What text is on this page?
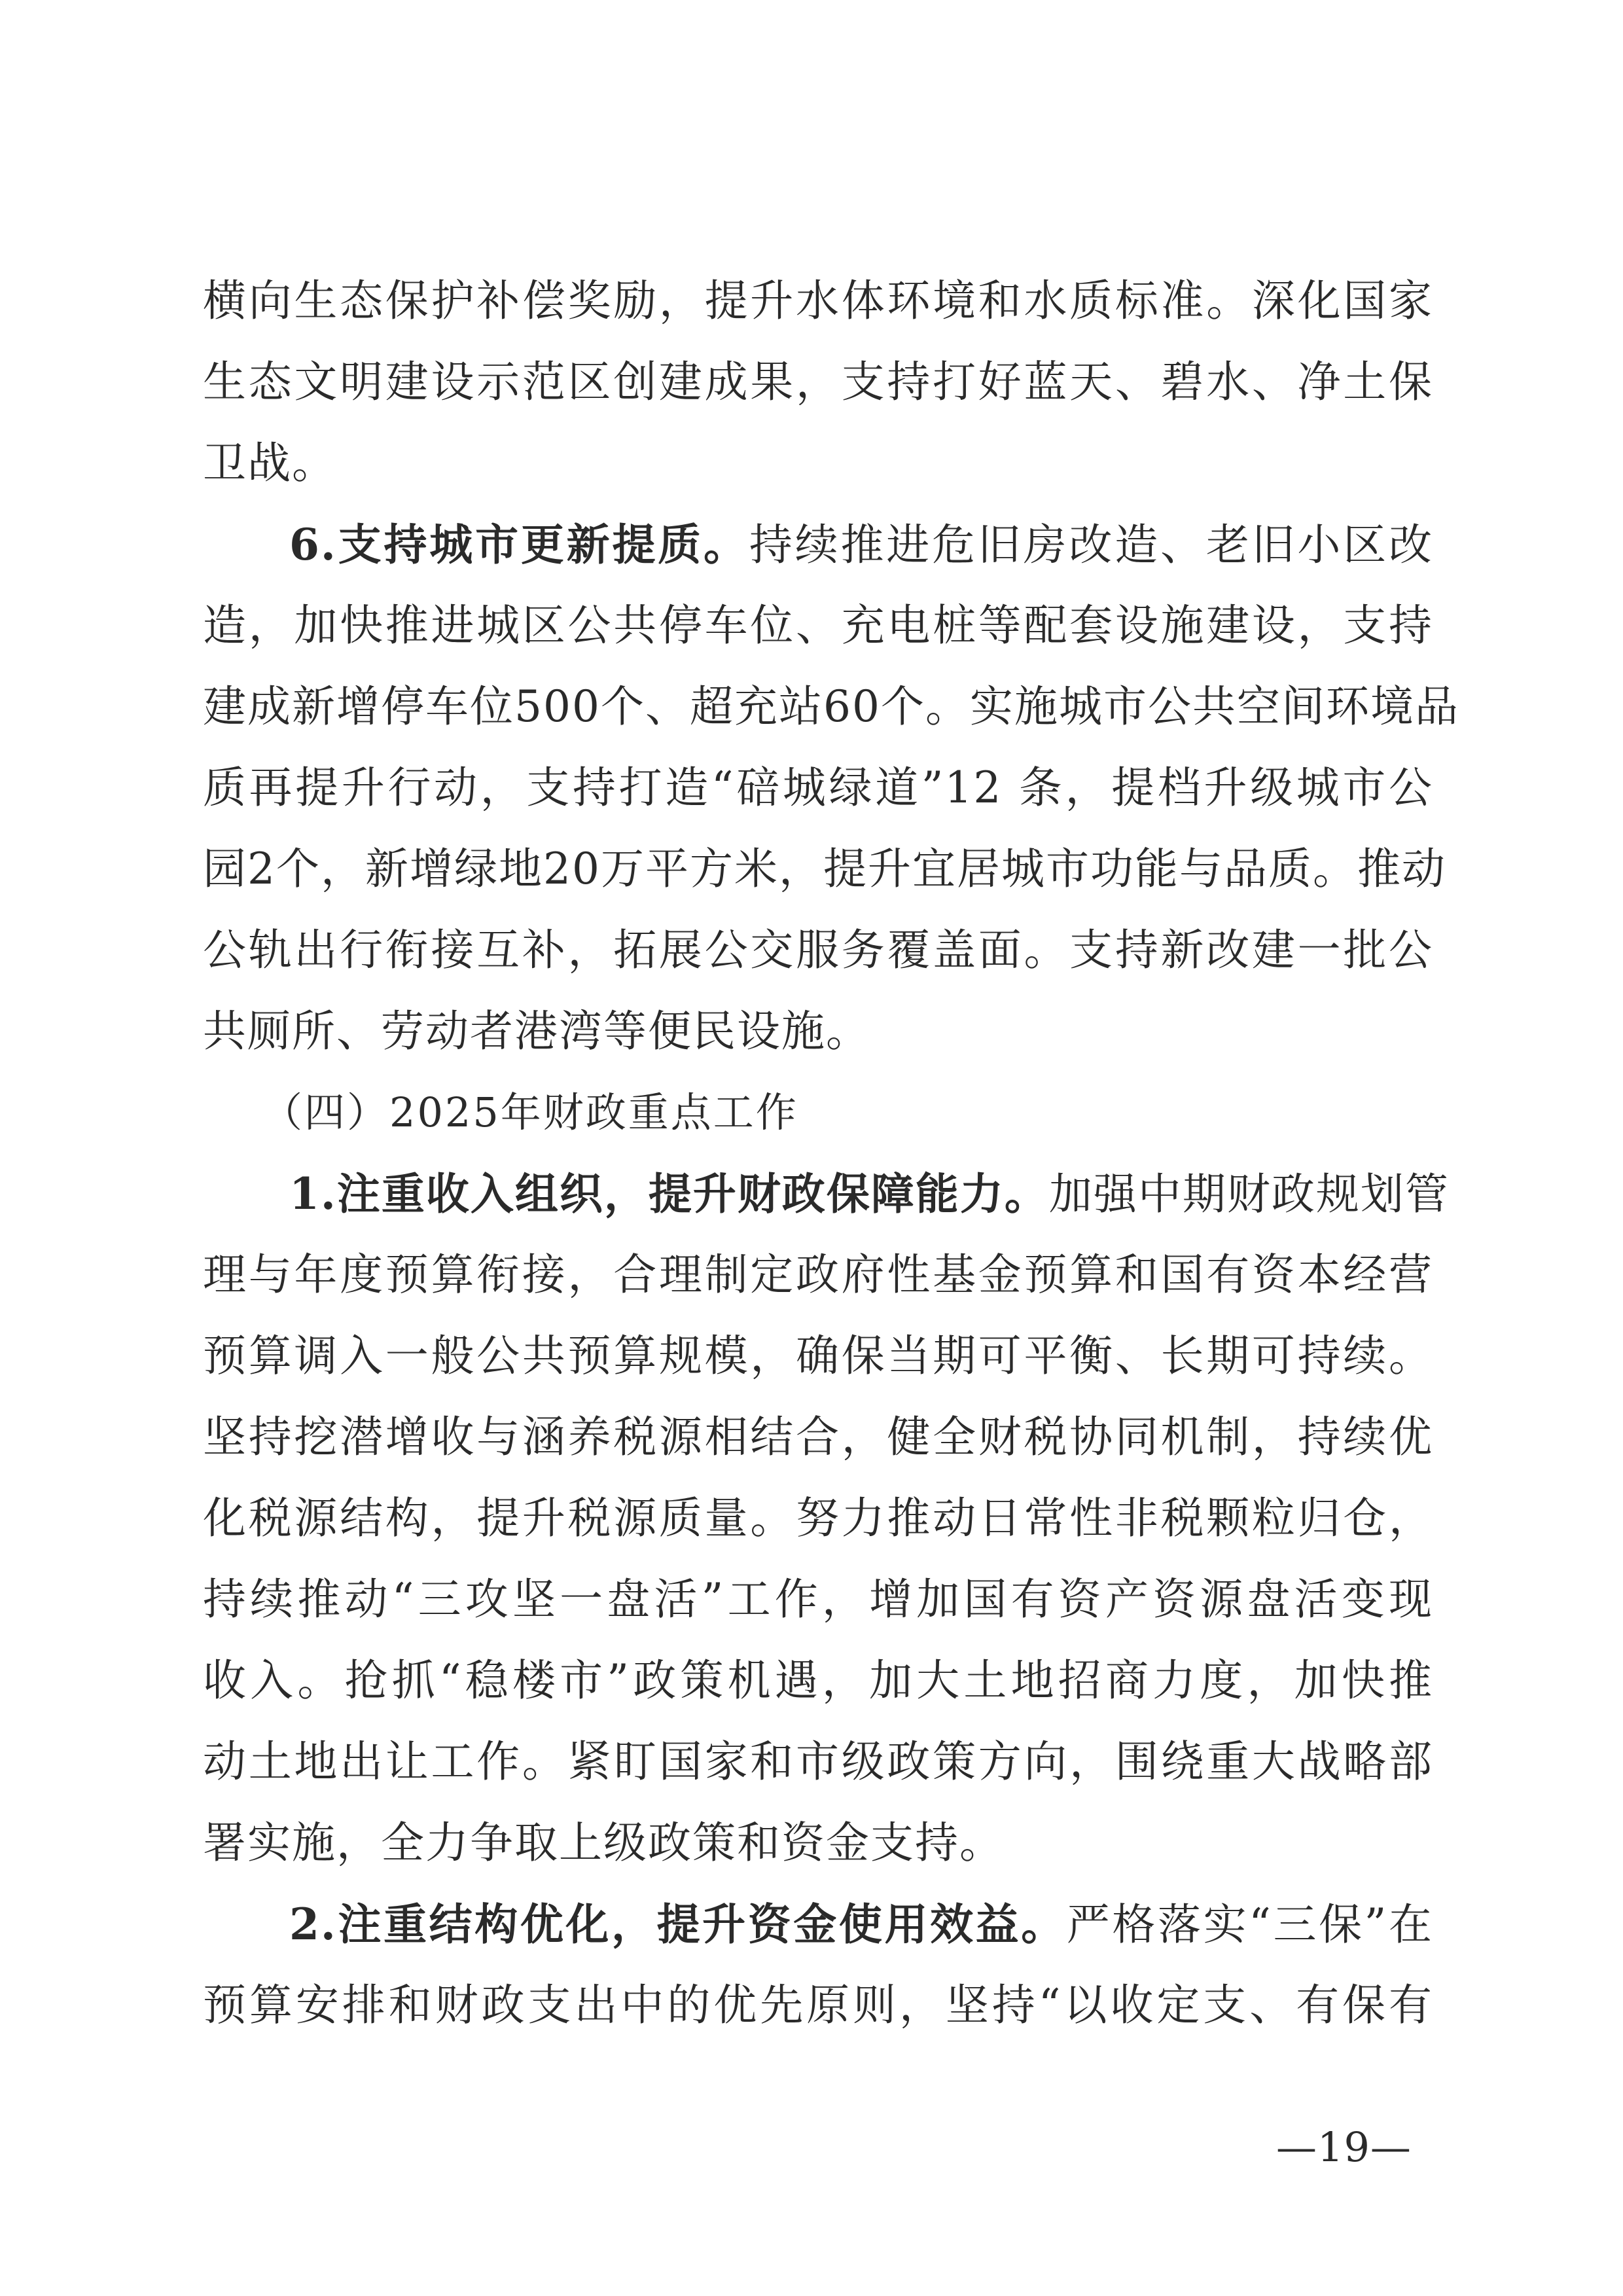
横向生态保护补偿奖励，提升水体环境和水质标准。深化国家
生态文明建设示范区创建成果，支持打好蓝天、碧水、净土保
卫战。
6.支持城市更新提质。持续推进危旧房改造、老旧小区改
造，加快推进城区公共停车位、充电桩等配套设施建设，支持
建成新增停车位500个、超充站60个。实施城市公共空间环境品
质再提升行动，支持打造“碚城绿道”12 条，提档升级城市公
园2个，新增绿地20万平方米，提升宜居城市功能与品质。推动
公轨出行衔接互补，拓展公交服务覆盖面。支持新改建一批公
共厕所、劳动者港湾等便民设施。
（四）2025年财政重点工作
1.注重收入组织，提升财政保障能力。加强中期财政规划管
理与年度预算衔接，合理制定政府性基金预算和国有资本经营
预算调入一般公共预算规模，确保当期可平衡、长期可持续。
坚持挖潜增收与涵养税源相结合，健全财税协同机制，持续优
化税源结构，提升税源质量。努力推动日常性非税颗粒归仓，
持续推动“三攻坚一盘活”工作，增加国有资产资源盘活变现
收入。抢抓“稳楼市”政策机遇，加大土地招商力度，加快推
动土地出让工作。紧盯国家和市级政策方向，围绕重大战略部
署实施，全力争取上级政策和资金支持。
2.注重结构优化，提升资金使用效益。严格落实“三保”在
预算安排和财政支出中的优先原则，坚持“以收定支、有保有
—19—
